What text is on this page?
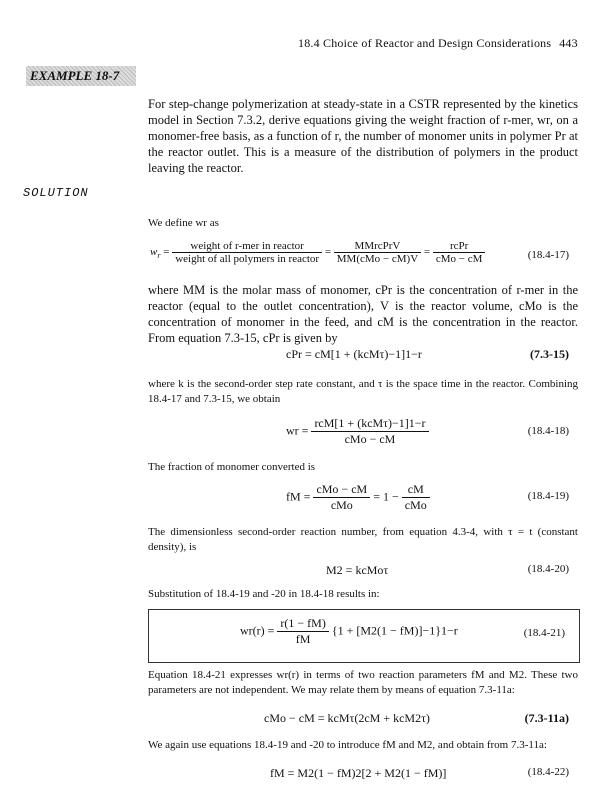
18.4 Choice of Reactor and Design Considerations 443
EXAMPLE 18-7
For step-change polymerization at steady-state in a CSTR represented by the kinetics model in Section 7.3.2, derive equations giving the weight fraction of r-mer, wr, on a monomer-free basis, as a function of r, the number of monomer units in polymer Pr at the reactor outlet. This is a measure of the distribution of polymers in the product leaving the reactor.
SOLUTION
We define wr as
$w_r = \frac{\text{weight of r-mer in reactor}}{\text{weight of all polymers in reactor}} = \frac{\text{MMrcPrV}}{\text{MM(cMo − cM)V}} = \frac{\text{rcPr}}{\text{cMo − cM}}$	(18.4-17)
where MM is the molar mass of monomer, cPr is the concentration of r-mer in the reactor (equal to the outlet concentration), V is the reactor volume, cMo is the concentration of monomer in the feed, and cM is the concentration in the reactor. From equation 7.3-15, cPr is given by
cPr = cM[1 + (kcMτ)−1]1−r	(7.3-15)
where k is the second-order step rate constant, and τ is the space time in the reactor. Combining 18.4-17 and 7.3-15, we obtain
wr = $\frac{\text{rcM[1 + (kcMτ)−1]1−r}}{\text{cMo − cM}}$	(18.4-18)
The fraction of monomer converted is
fM = $\frac{\text{cMo − cM}}{\text{cMo}} = 1 - \frac{cM}{\text{cMo}}$	(18.4-19)
The dimensionless second-order reaction number, from equation 4.3-4, with τ = t (constant density), is
M2 = kcMoτ	(18.4-20)
Substitution of 18.4-19 and -20 in 18.4-18 results in:
$wr(r) = \frac{r(1 - fM)}{fM} \{1 + [M2(1 - fM)]-1\}1-r$	(18.4-21)
Equation 18.4-21 expresses wr(r) in terms of two reaction parameters fM and M2. These two parameters are not independent. We may relate them by means of equation 7.3-11a:
cMo − cM = kcMτ(2cM + kcM2τ)	(7.3-11a)
We again use equations 18.4-19 and -20 to introduce fM and M2, and obtain from 7.3-11a:
fM = M2(1 − fM)2[2 + M2(1 − fM)]	(18.4-22)
